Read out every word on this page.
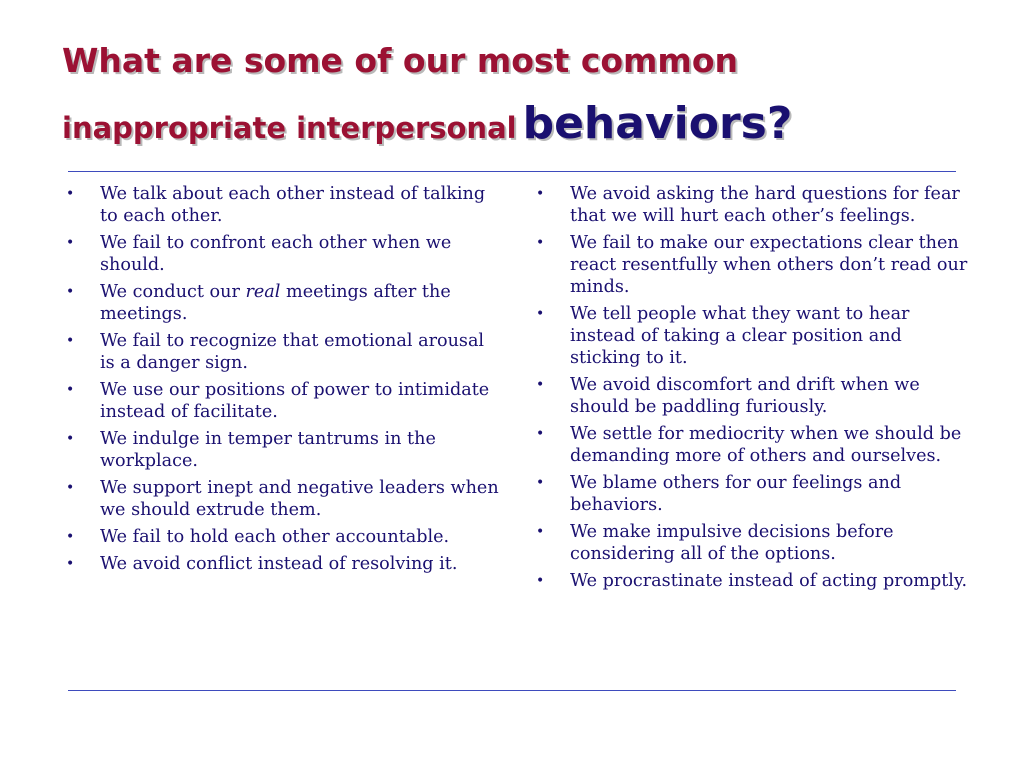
What are some of our most common
inappropriate interpersonal behaviors?
• We talk about each other instead of talking to each other.
• We fail to confront each other when we should.
• We conduct our real meetings after the meetings.
• We fail to recognize that emotional arousal is a danger sign.
• We use our positions of power to intimidate instead of facilitate.
• We indulge in temper tantrums in the workplace.
• We support inept and negative leaders when we should extrude them.
• We fail to hold each other accountable.
• We avoid conflict instead of resolving it.
• We avoid asking the hard questions for fear that we will hurt each other’s feelings.
• We fail to make our expectations clear then react resentfully when others don’t read our minds.
• We tell people what they want to hear instead of taking a clear position and sticking to it.
• We avoid discomfort and drift when we should be paddling furiously.
• We settle for mediocrity when we should be demanding more of others and ourselves.
• We blame others for our feelings and behaviors.
• We make impulsive decisions before considering all of the options.
• We procrastinate instead of acting promptly.
